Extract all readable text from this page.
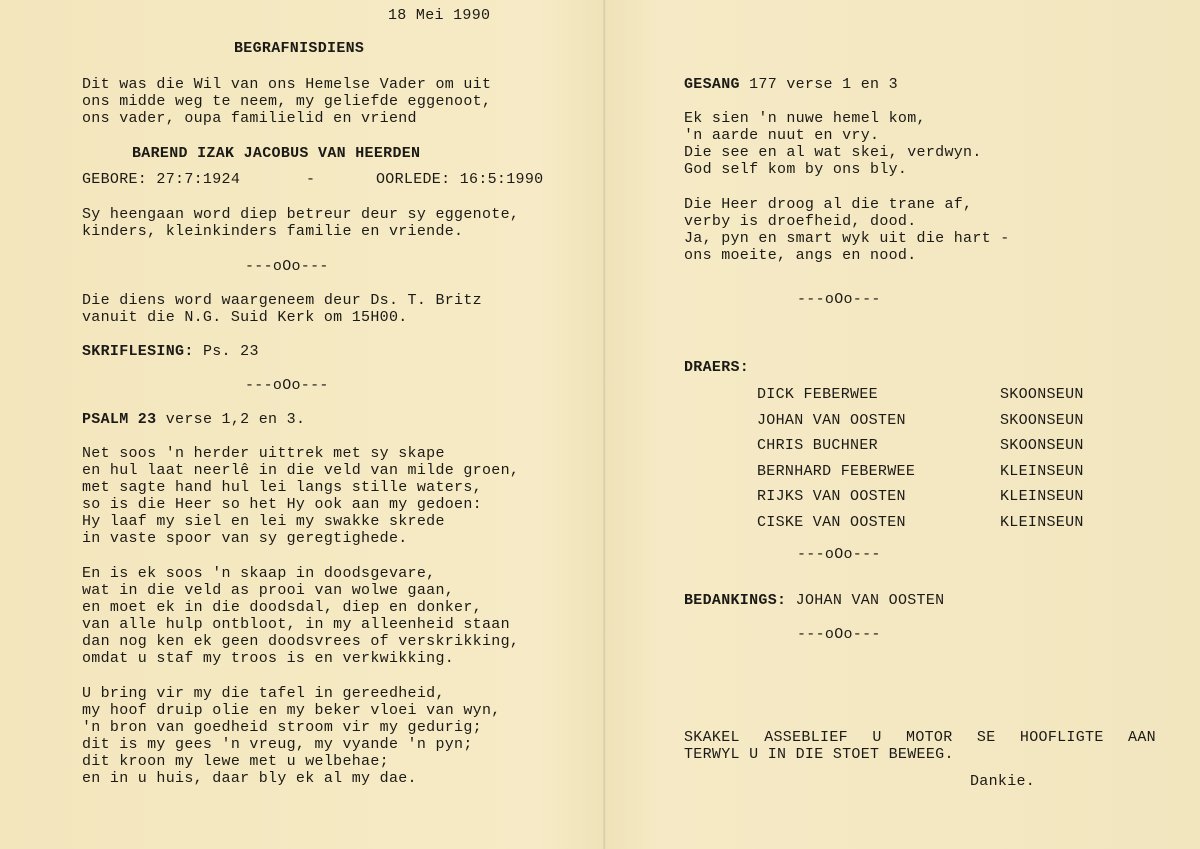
18 Mei 1990
BEGRAFNISDIENS
Dit was die Wil van ons Hemelse Vader om uit
ons midde weg te neem, my geliefde eggenoot,
ons vader, oupa familielid en vriend
BAREND IZAK JACOBUS VAN HEERDEN
GEBORE: 27:7:1924	-	OORLEDE: 16:5:1990
Sy heengaan word diep betreur deur sy eggenote,
kinders, kleinkinders familie en vriende.
---oOo---
Die diens word waargeneem deur Ds. T. Britz
vanuit die N.G. Suid Kerk om 15H00.
SKRIFLESING: Ps. 23
---oOo---
PSALM 23 verse 1,2 en 3.
Net soos 'n herder uittrek met sy skape
en hul laat neerlê in die veld van milde groen,
met sagte hand hul lei langs stille waters,
so is die Heer so het Hy ook aan my gedoen:
Hy laaf my siel en lei my swakke skrede
in vaste spoor van sy geregtighede.
En is ek soos 'n skaap in doodsgevare,
wat in die veld as prooi van wolwe gaan,
en moet ek in die doodsdal, diep en donker,
van alle hulp ontbloot, in my alleenheid staan
dan nog ken ek geen doodsvrees of verskrikking,
omdat u staf my troos is en verkwikking.
U bring vir my die tafel in gereedheid,
my hoof druip olie en my beker vloei van wyn,
'n bron van goedheid stroom vir my gedurig;
dit is my gees 'n vreug, my vyande 'n pyn;
dit kroon my lewe met u welbehae;
en in u huis, daar bly ek al my dae.
GESANG 177 verse 1 en 3
Ek sien 'n nuwe hemel kom,
'n aarde nuut en vry.
Die see en al wat skei, verdwyn.
God self kom by ons bly.
Die Heer droog al die trane af,
verby is droefheid, dood.
Ja, pyn en smart wyk uit die hart -
ons moeite, angs en nood.
---oOo---
DRAERS:
DICK FEBERWEE	SKOONSEUN
JOHAN VAN OOSTEN	SKOONSEUN
CHRIS BUCHNER	SKOONSEUN
BERNHARD FEBERWEE	KLEINSEUN
RIJKS VAN OOSTEN	KLEINSEUN
CISKE VAN OOSTEN	KLEINSEUN
---oOo---
BEDANKINGS: JOHAN VAN OOSTEN
---oOo---
SKAKEL ASSEBLIEF U MOTOR SE HOOFLIGTE AAN
TERWYL U IN DIE STOET BEWEEG.
Dankie.
